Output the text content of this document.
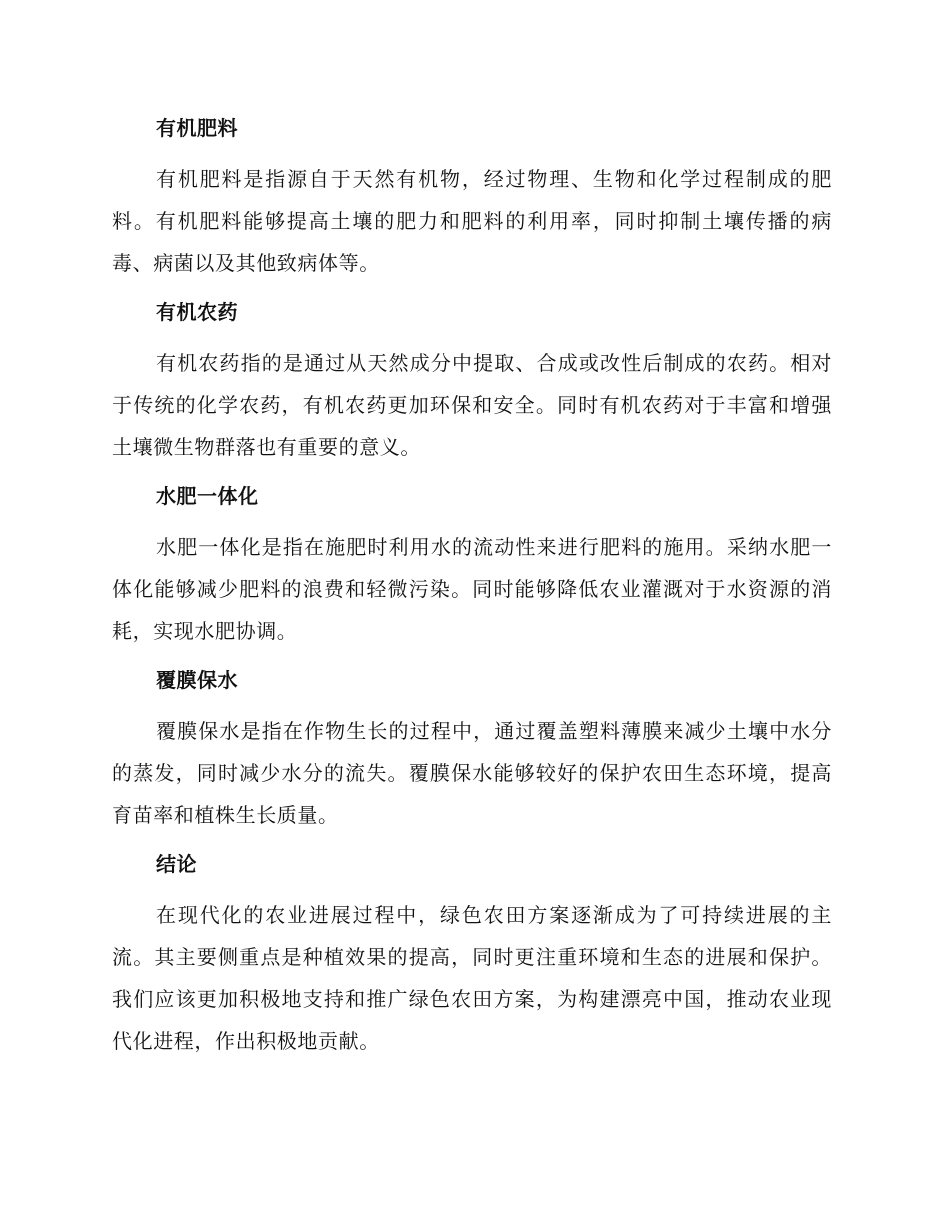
有机肥料

有机肥料是指源自于天然有机物，经过物理、生物和化学过程制成的肥料。有机肥料能够提高土壤的肥力和肥料的利用率，同时抑制土壤传播的病毒、病菌以及其他致病体等。

有机农药

有机农药指的是通过从天然成分中提取、合成或改性后制成的农药。相对于传统的化学农药，有机农药更加环保和安全。同时有机农药对于丰富和增强土壤微生物群落也有重要的意义。

水肥一体化

水肥一体化是指在施肥时利用水的流动性来进行肥料的施用。采纳水肥一体化能够减少肥料的浪费和轻微污染。同时能够降低农业灌溉对于水资源的消耗，实现水肥协调。

覆膜保水

覆膜保水是指在作物生长的过程中，通过覆盖塑料薄膜来减少土壤中水分的蒸发，同时减少水分的流失。覆膜保水能够较好的保护农田生态环境，提高育苗率和植株生长质量。

结论

在现代化的农业进展过程中，绿色农田方案逐渐成为了可持续进展的主流。其主要侧重点是种植效果的提高，同时更注重环境和生态的进展和保护。我们应该更加积极地支持和推广绿色农田方案，为构建漂亮中国，推动农业现代化进程，作出积极地贡献。
